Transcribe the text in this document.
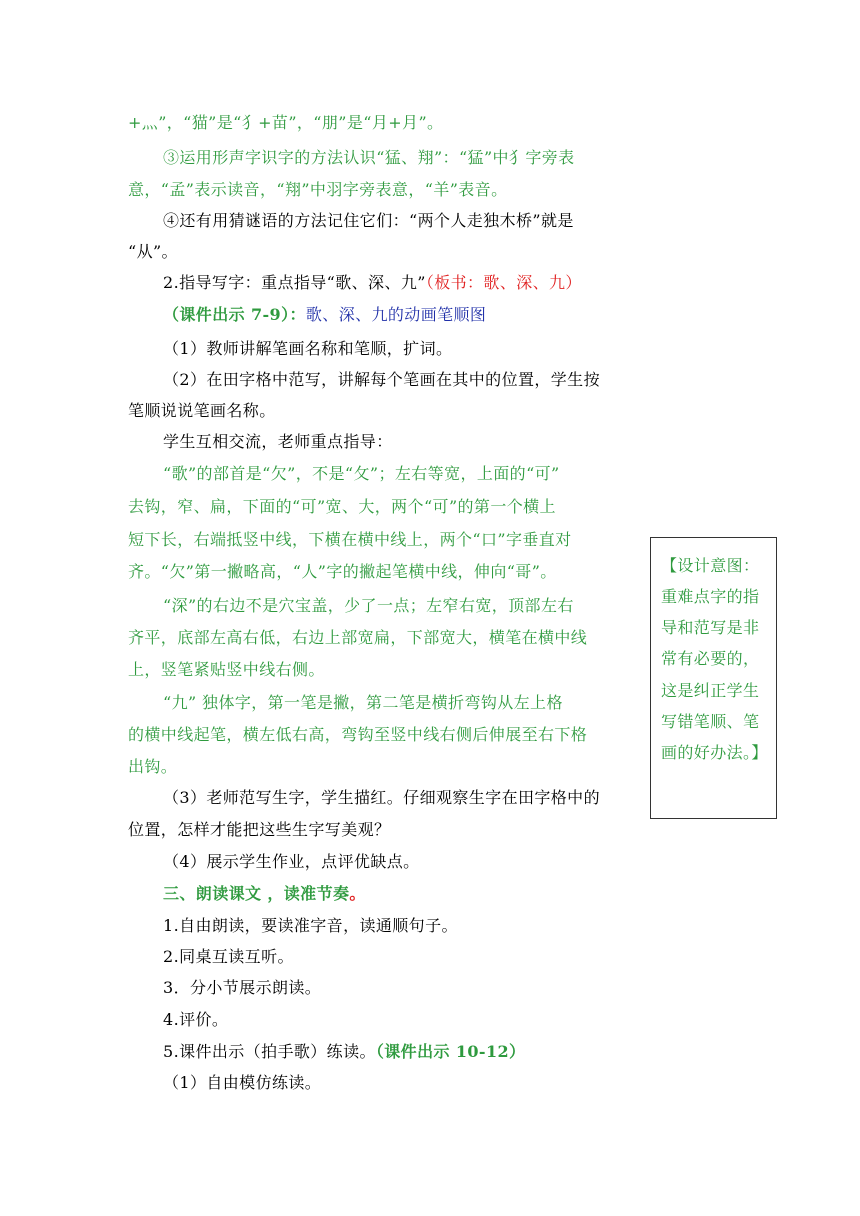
+灬”，“猫”是“犭+苗”，“朋”是“月+月”。
③运用形声字识字的方法认识“猛、翔”：“猛”中犭字旁表
意，“孟”表示读音，“翔”中羽字旁表意，“羊”表音。
④还有用猜谜语的方法记住它们：“两个人走独木桥”就是
“从”。
2.指导写字：重点指导“歌、深、九”（板书：歌、深、九）
（课件出示 7-9）：歌、深、九的动画笔顺图
（1）教师讲解笔画名称和笔顺，扩词。
（2）在田字格中范写，讲解每个笔画在其中的位置，学生按
笔顺说说笔画名称。
学生互相交流，老师重点指导：
“歌”的部首是“欠”，不是“攵”；左右等宽，上面的“可”
去钩，窄、扁，下面的“可”宽、大，两个“可”的第一个横上
短下长，右端抵竖中线，下横在横中线上，两个“口”字垂直对
齐。“欠”第一撇略高，“人”字的撇起笔横中线，伸向“哥”。
“深”的右边不是穴宝盖，少了一点；左窄右宽，顶部左右
齐平，底部左高右低，右边上部宽扁，下部宽大，横笔在横中线
上，竖笔紧贴竖中线右侧。
“九” 独体字，第一笔是撇，第二笔是横折弯钩从左上格
的横中线起笔，横左低右高，弯钩至竖中线右侧后伸展至右下格
出钩。
（3）老师范写生字，学生描红。仔细观察生字在田字格中的
位置，怎样才能把这些生字写美观？
（4）展示学生作业，点评优缺点。
三、朗读课文 ，读准节奏。
1.自由朗读，要读准字音，读通顺句子。
2.同桌互读互听。
3．分小节展示朗读。
4.评价。
5.课件出示（拍手歌）练读。（课件出示 10-12）
（1）自由模仿练读。
【设计意图：
重难点字的指
导和范写是非
常有必要的，
这是纠正学生
写错笔顺、笔
画的好办法。】
